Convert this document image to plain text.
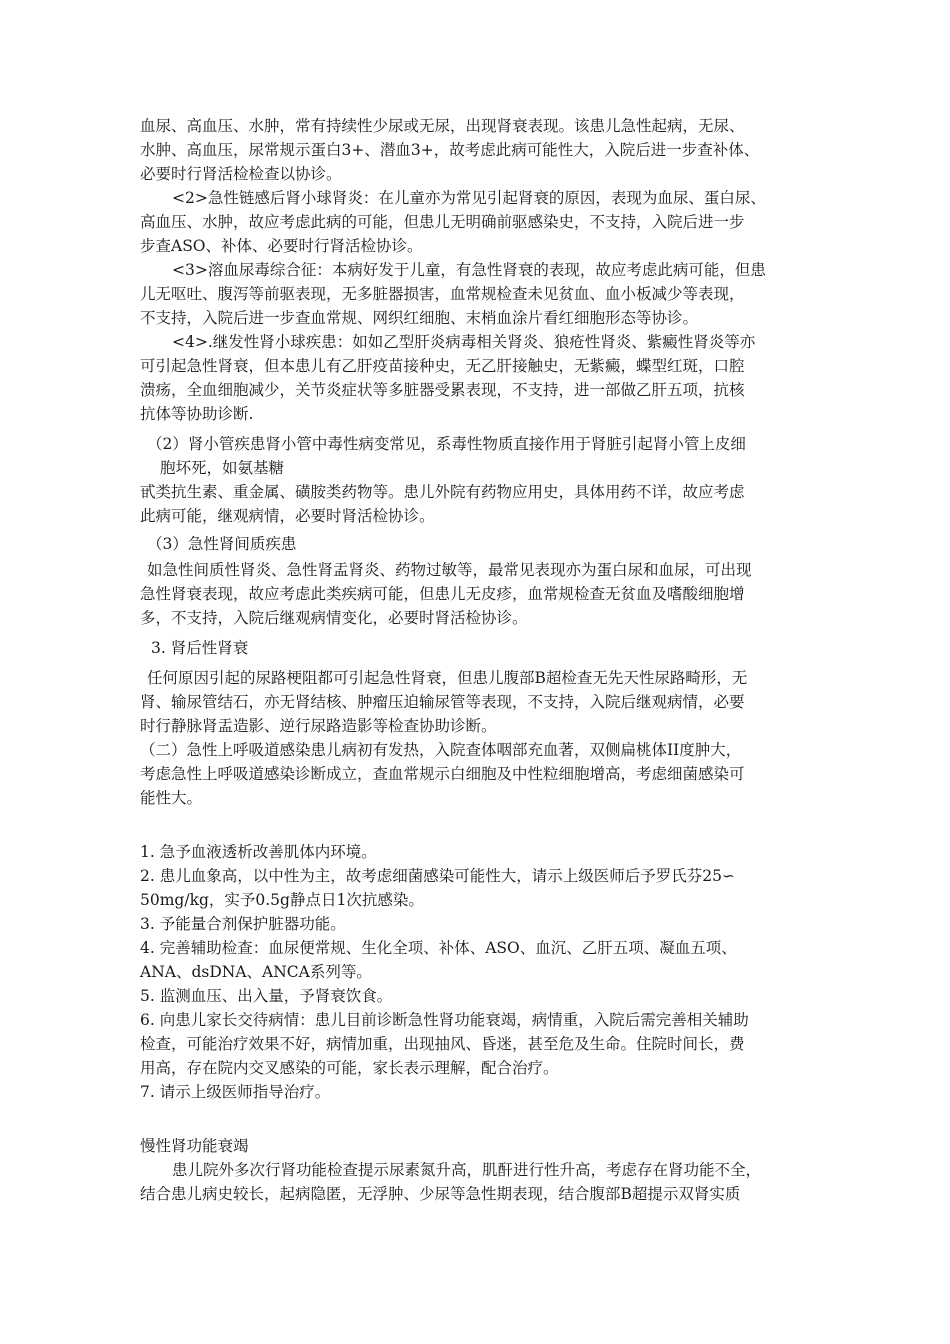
血尿、高血压、水肿，常有持续性少尿或无尿，出现肾衰表现。该患儿急性起病，无尿、
水肿、高血压，尿常规示蛋白3+、潜血3+，故考虑此病可能性大，入院后进一步查补体、
必要时行肾活检检查以协诊。
<2>急性链感后肾小球肾炎：在儿童亦为常见引起肾衰的原因，表现为血尿、蛋白尿、
高血压、水肿，故应考虑此病的可能，但患儿无明确前驱感染史，不支持，入院后进一步
步查ASO、补体、必要时行肾活检协诊。
<3>溶血尿毒综合征：本病好发于儿童，有急性肾衰的表现，故应考虑此病可能，但患
儿无呕吐、腹泻等前驱表现，无多脏器损害，血常规检查未见贫血、血小板减少等表现，
不支持，入院后进一步查血常规、网织红细胞、末梢血涂片看红细胞形态等协诊。
<4>.继发性肾小球疾患：如如乙型肝炎病毒相关肾炎、狼疮性肾炎、紫癜性肾炎等亦
可引起急性肾衰，但本患儿有乙肝疫苗接种史，无乙肝接触史，无紫癜，蝶型红斑，口腔
溃疡，全血细胞减少，关节炎症状等多脏器受累表现，不支持，进一部做乙肝五项，抗核
抗体等协助诊断.
（2）肾小管疾患肾小管中毒性病变常见，系毒性物质直接作用于肾脏引起肾小管上皮细
胞坏死，如氨基糖
甙类抗生素、重金属、磺胺类药物等。患儿外院有药物应用史，具体用药不详，故应考虑
此病可能，继观病情，必要时肾活检协诊。
（3）急性肾间质疾患
如急性间质性肾炎、急性肾盂肾炎、药物过敏等，最常见表现亦为蛋白尿和血尿，可出现
急性肾衰表现，故应考虑此类疾病可能，但患儿无皮疹，血常规检查无贫血及嗜酸细胞增
多，不支持，入院后继观病情变化，必要时肾活检协诊。
3. 肾后性肾衰
任何原因引起的尿路梗阻都可引起急性肾衰，但患儿腹部B超检查无先天性尿路畸形，无
肾、输尿管结石，亦无肾结核、肿瘤压迫输尿管等表现，不支持，入院后继观病情，必要
时行静脉肾盂造影、逆行尿路造影等检查协助诊断。
（二）急性上呼吸道感染患儿病初有发热，入院查体咽部充血著，双侧扁桃体II度肿大，
考虑急性上呼吸道感染诊断成立，查血常规示白细胞及中性粒细胞增高，考虑细菌感染可
能性大。
1. 急予血液透析改善肌体内环境。
2. 患儿血象高，以中性为主，故考虑细菌感染可能性大，请示上级医师后予罗氏芬25∽
50mg/kg，实予0.5g静点日1次抗感染。
3. 予能量合剂保护脏器功能。
4. 完善辅助检查：血尿便常规、生化全项、补体、ASO、血沉、乙肝五项、凝血五项、
ANA、dsDNA、ANCA系列等。
5. 监测血压、出入量，予肾衰饮食。
6. 向患儿家长交待病情：患儿目前诊断急性肾功能衰竭，病情重，入院后需完善相关辅助
检查，可能治疗效果不好，病情加重，出现抽风、昏迷，甚至危及生命。住院时间长，费
用高，存在院内交叉感染的可能，家长表示理解，配合治疗。
7. 请示上级医师指导治疗。
慢性肾功能衰竭
患儿院外多次行肾功能检查提示尿素氮升高，肌酐进行性升高，考虑存在肾功能不全，
结合患儿病史较长，起病隐匿，无浮肿、少尿等急性期表现，结合腹部B超提示双肾实质
